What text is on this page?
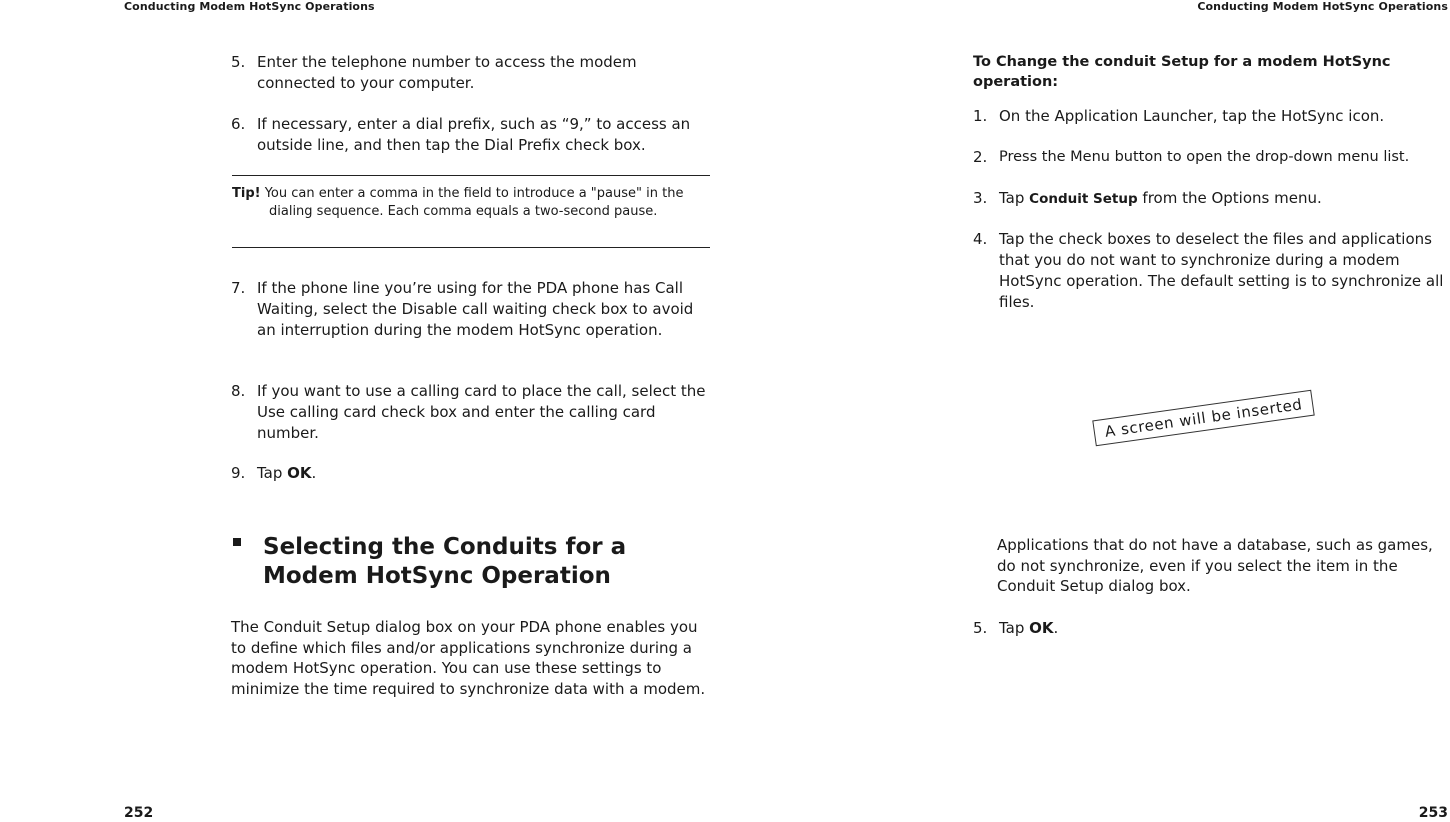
Conducting Modem HotSync Operations	Conducting Modem HotSync Operations
5. Enter the telephone number to access the modem connected to your computer.
6. If necessary, enter a dial prefix, such as “9,” to access an outside line, and then tap the Dial Prefix check box.
Tip! You can enter a comma in the field to introduce a "pause" in the dialing sequence. Each comma equals a two-second pause.
7. If the phone line you’re using for the PDA phone has Call Waiting, select the Disable call waiting check box to avoid an interruption during the modem HotSync operation.
8. If you want to use a calling card to place the call, select the Use calling card check box and enter the calling card number.
9. Tap OK.
Selecting the Conduits for a Modem HotSync Operation
The Conduit Setup dialog box on your PDA phone enables you to define which files and/or applications synchronize during a modem HotSync operation. You can use these settings to minimize the time required to synchronize data with a modem.
252
To Change the conduit Setup for a modem HotSync operation:
1. On the Application Launcher, tap the HotSync icon.
2. Press the Menu button to open the drop-down menu list.
3. Tap Conduit Setup from the Options menu.
4. Tap the check boxes to deselect the files and applications that you do not want to synchronize during a modem HotSync operation. The default setting is to synchronize all files.
A screen will be inserted
Applications that do not have a database, such as games, do not synchronize, even if you select the item in the Conduit Setup dialog box.
5. Tap OK.
253
